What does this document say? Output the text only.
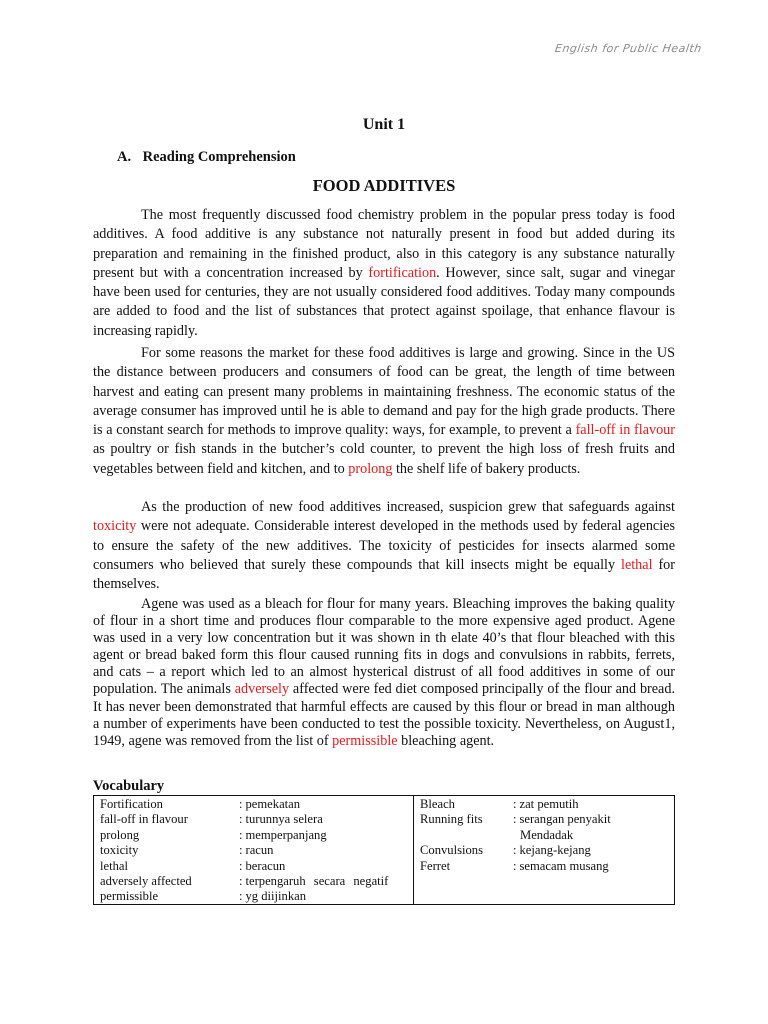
English for Public Health
Unit 1
A. Reading Comprehension
FOOD ADDITIVES

The most frequently discussed food chemistry problem in the popular press today is food additives. A food additive is any substance not naturally present in food but added during its preparation and remaining in the finished product, also in this category is any substance naturally present but with a concentration increased by fortification. However, since salt, sugar and vinegar have been used for centuries, they are not usually considered food additives. Today many compounds are added to food and the list of substances that protect against spoilage, that enhance flavour is increasing rapidly.

For some reasons the market for these food additives is large and growing. Since in the US the distance between producers and consumers of food can be great, the length of time between harvest and eating can present many problems in maintaining freshness. The economic status of the average consumer has improved until he is able to demand and pay for the high grade products. There is a constant search for methods to improve quality: ways, for example, to prevent a fall-off in flavour as poultry or fish stands in the butcher’s cold counter, to prevent the high loss of fresh fruits and vegetables between field and kitchen, and to prolong the shelf life of bakery products.

As the production of new food additives increased, suspicion grew that safeguards against toxicity were not adequate. Considerable interest developed in the methods used by federal agencies to ensure the safety of the new additives. The toxicity of pesticides for insects alarmed some consumers who believed that surely these compounds that kill insects might be equally lethal for themselves.

Agene was used as a bleach for flour for many years. Bleaching improves the baking quality of flour in a short time and produces flour comparable to the more expensive aged product. Agene was used in a very low concentration but it was shown in th elate 40’s that flour bleached with this agent or bread baked form this flour caused running fits in dogs and convulsions in rabbits, ferrets, and cats – a report which led to an almost hysterical distrust of all food additives in some of our population. The animals adversely affected were fed diet composed principally of the flour and bread. It has never been demonstrated that harmful effects are caused by this flour or bread in man although a number of experiments have been conducted to test the possible toxicity. Nevertheless, on August1, 1949, agene was removed from the list of permissible bleaching agent.

Vocabulary
Fortification	: pemekatan
fall-off in flavour	: turunnya selera
prolong	: memperpanjang
toxicity	: racun
lethal	: beracun
adversely affected	: terpengaruh secara negatif
permissible	: yg diijinkan
Bleach	: zat pemutih
Running fits	: serangan penyakit
Mendadak
Convulsions	: kejang-kejang
Ferret	: semacam musang
